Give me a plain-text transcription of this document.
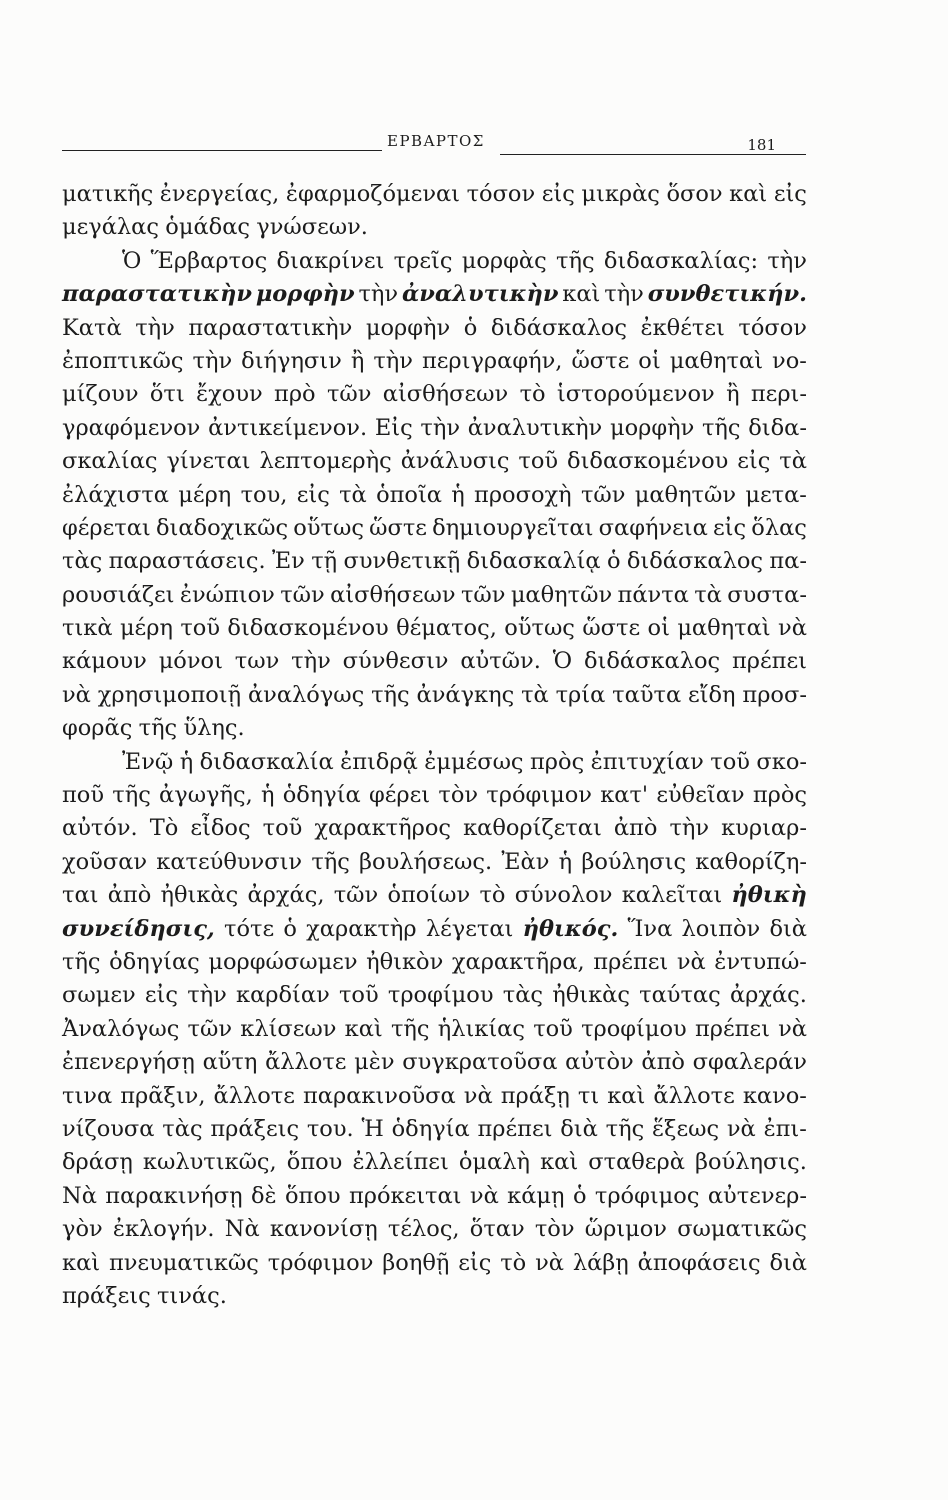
ΕΡΒΑΡΤΟΣ	181
ματικῆς ἐνεργείας, ἐφαρμοζόμεναι τόσον εἰς μικρὰς ὅσον καὶ εἰς
μεγάλας ὁμάδας γνώσεων.
Ὁ Ἕρβαρτος διακρίνει τρεῖς μορφὰς τῆς διδασκαλίας: τὴν
παραστατικὴν μορφὴν τὴν ἀναλυτικὴν καὶ τὴν συνθετικήν.
Κατὰ τὴν παραστατικὴν μορφὴν ὁ διδάσκαλος ἐκθέτει τόσον
ἐποπτικῶς τὴν διήγησιν ἢ τὴν περιγραφήν, ὥστε οἱ μαθηταὶ νο-
μίζουν ὅτι ἔχουν πρὸ τῶν αἰσθήσεων τὸ ἱστορούμενον ἢ περι-
γραφόμενον ἀντικείμενον. Εἰς τὴν ἀναλυτικὴν μορφὴν τῆς διδα-
σκαλίας γίνεται λεπτομερὴς ἀνάλυσις τοῦ διδασκομένου εἰς τὰ
ἐλάχιστα μέρη του, εἰς τὰ ὁποῖα ἡ προσοχὴ τῶν μαθητῶν μετα-
φέρεται διαδοχικῶς οὕτως ὥστε δημιουργεῖται σαφήνεια εἰς ὅλας
τὰς παραστάσεις. Ἐν τῇ συνθετικῇ διδασκαλίᾳ ὁ διδάσκαλος πα-
ρουσιάζει ἐνώπιον τῶν αἰσθήσεων τῶν μαθητῶν πάντα τὰ συστα-
τικὰ μέρη τοῦ διδασκομένου θέματος, οὕτως ὥστε οἱ μαθηταὶ νὰ
κάμουν μόνοι των τὴν σύνθεσιν αὐτῶν. Ὁ διδάσκαλος πρέπει
νὰ χρησιμοποιῇ ἀναλόγως τῆς ἀνάγκης τὰ τρία ταῦτα εἴδη προσ-
φορᾶς τῆς ὕλης.
Ἐνῷ ἡ διδασκαλία ἐπιδρᾷ ἐμμέσως πρὸς ἐπιτυχίαν τοῦ σκο-
ποῦ τῆς ἀγωγῆς, ἡ ὁδηγία φέρει τὸν τρόφιμον κατ' εὐθεῖαν πρὸς
αὐτόν. Τὸ εἶδος τοῦ χαρακτῆρος καθορίζεται ἀπὸ τὴν κυριαρ-
χοῦσαν κατεύθυνσιν τῆς βουλήσεως. Ἐὰν ἡ βούλησις καθορίζη-
ται ἀπὸ ἠθικὰς ἀρχάς, τῶν ὁποίων τὸ σύνολον καλεῖται ἠθικὴ
συνείδησις, τότε ὁ χαρακτὴρ λέγεται ἠθικός. Ἵνα λοιπὸν διὰ
τῆς ὁδηγίας μορφώσωμεν ἠθικὸν χαρακτῆρα, πρέπει νὰ ἐντυπώ-
σωμεν εἰς τὴν καρδίαν τοῦ τροφίμου τὰς ἠθικὰς ταύτας ἀρχάς.
Ἀναλόγως τῶν κλίσεων καὶ τῆς ἡλικίας τοῦ τροφίμου πρέπει νὰ
ἐπενεργήσῃ αὕτη ἄλλοτε μὲν συγκρατοῦσα αὐτὸν ἀπὸ σφαλεράν
τινα πρᾶξιν, ἄλλοτε παρακινοῦσα νὰ πράξῃ τι καὶ ἄλλοτε κανο-
νίζουσα τὰς πράξεις του. Ἡ ὁδηγία πρέπει διὰ τῆς ἕξεως νὰ ἐπι-
δράσῃ κωλυτικῶς, ὅπου ἐλλείπει ὁμαλὴ καὶ σταθερὰ βούλησις.
Νὰ παρακινήσῃ δὲ ὅπου πρόκειται νὰ κάμῃ ὁ τρόφιμος αὐτενερ-
γὸν ἐκλογήν. Νὰ κανονίσῃ τέλος, ὅταν τὸν ὥριμον σωματικῶς
καὶ πνευματικῶς τρόφιμον βοηθῇ εἰς τὸ νὰ λάβῃ ἀποφάσεις διὰ
πράξεις τινάς.
